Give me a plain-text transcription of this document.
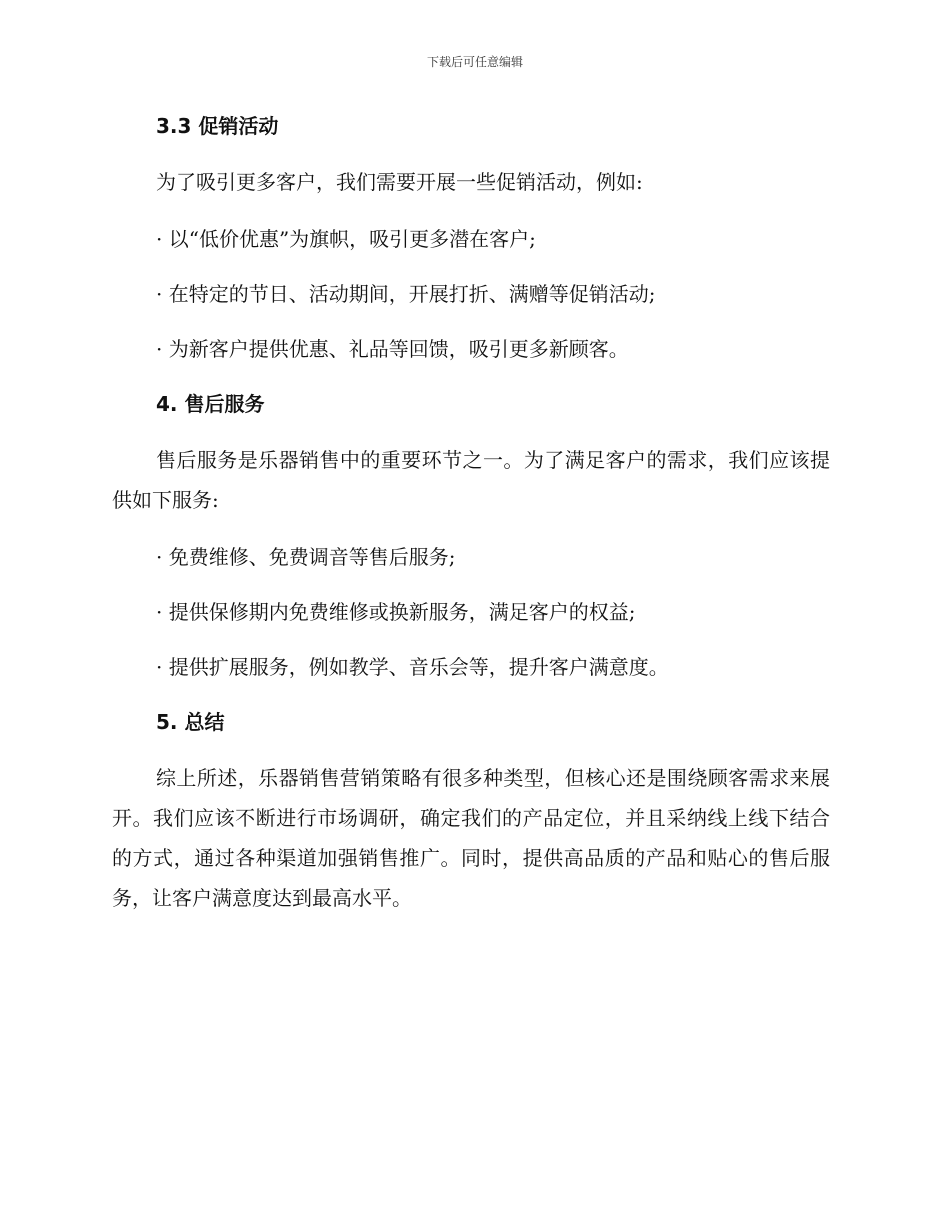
下载后可任意编辑
3.3 促销活动

为了吸引更多客户，我们需要开展一些促销活动，例如:

· 以“低价优惠”为旗帜，吸引更多潜在客户;

· 在特定的节日、活动期间，开展打折、满赠等促销活动;

· 为新客户提供优惠、礼品等回馈，吸引更多新顾客。

4. 售后服务

售后服务是乐器销售中的重要环节之一。为了满足客户的需求，我们应该提供如下服务:

· 免费维修、免费调音等售后服务;

· 提供保修期内免费维修或换新服务，满足客户的权益;

· 提供扩展服务，例如教学、音乐会等，提升客户满意度。

5. 总结

综上所述，乐器销售营销策略有很多种类型，但核心还是围绕顾客需求来展开。我们应该不断进行市场调研，确定我们的产品定位，并且采纳线上线下结合的方式，通过各种渠道加强销售推广。同时，提供高品质的产品和贴心的售后服务，让客户满意度达到最高水平。
